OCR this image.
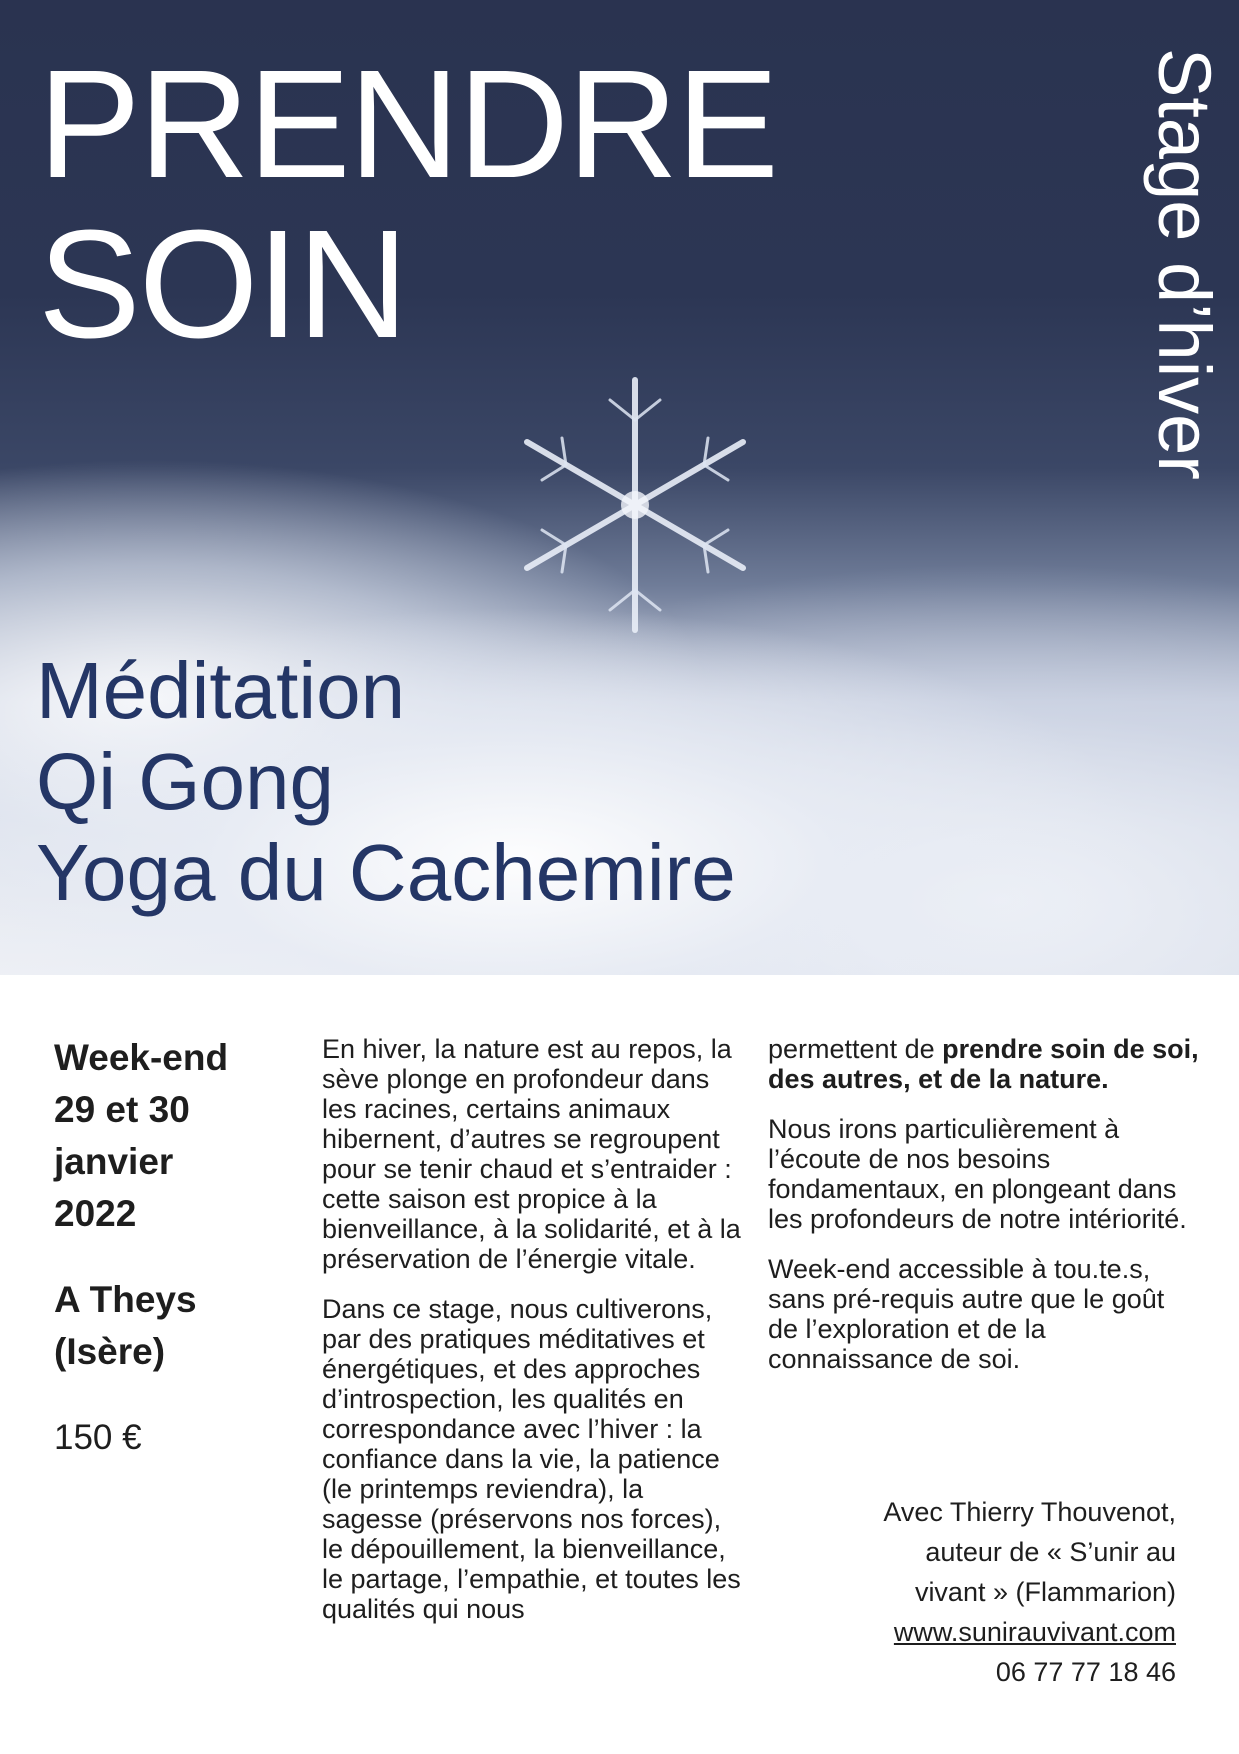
PRENDRE
SOIN	Stage d’hiver
Méditation
Qi Gong
Yoga du Cachemire

Week-end
29 et 30
janvier
2022

A Theys
(Isère)

150 €

En hiver, la nature est au repos, la sève plonge en profondeur dans les racines, certains animaux hibernent, d’autres se regroupent pour se tenir chaud et s’entraider : cette saison est propice à la bienveillance, à la solidarité, et à la préservation de l’énergie vitale.

Dans ce stage, nous cultiverons, par des pratiques méditatives et énergétiques, et des approches d’introspection, les qualités en correspondance avec l’hiver : la confiance dans la vie, la patience (le printemps reviendra), la sagesse (préservons nos forces), le dépouillement, la bienveillance, le partage, l’empathie, et toutes les qualités qui nous

permettent de prendre soin de soi, des autres, et de la nature.

Nous irons particulièrement à l’écoute de nos besoins fondamentaux, en plongeant dans les profondeurs de notre intériorité.

Week-end accessible à tou.te.s, sans pré-requis autre que le goût de l’exploration et de la connaissance de soi.

Avec Thierry Thouvenot,
auteur de « S’unir au
vivant » (Flammarion)
www.sunirauvivant.com
06 77 77 18 46
